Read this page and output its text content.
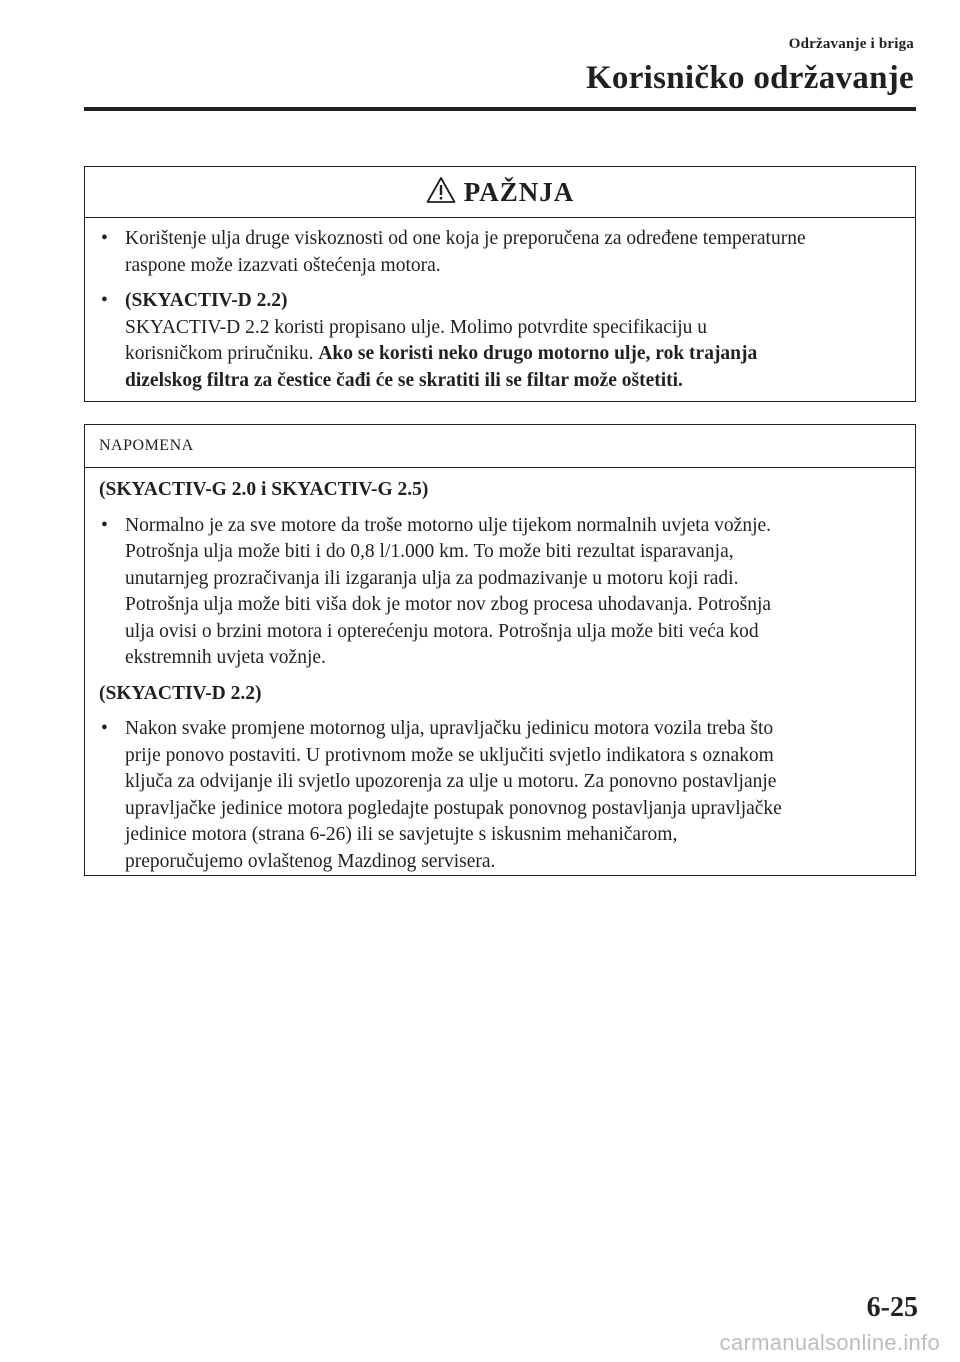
Održavanje i briga
Korisničko održavanje
PAŽNJA
• Korištenje ulja druge viskoznosti od one koja je preporučena za određene temperaturne
raspone može izazvati oštećenja motora.
• (SKYACTIV-D 2.2)
SKYACTIV-D 2.2 koristi propisano ulje. Molimo potvrdite specifikaciju u
korisničkom priručniku. Ako se koristi neko drugo motorno ulje, rok trajanja
dizelskog filtra za čestice čađi će se skratiti ili se filtar može oštetiti.
NAPOMENA
(SKYACTIV-G 2.0 i SKYACTIV-G 2.5)
• Normalno je za sve motore da troše motorno ulje tijekom normalnih uvjeta vožnje.
Potrošnja ulja može biti i do 0,8 l/1.000 km. To može biti rezultat isparavanja,
unutarnjeg prozračivanja ili izgaranja ulja za podmazivanje u motoru koji radi.
Potrošnja ulja može biti viša dok je motor nov zbog procesa uhodavanja. Potrošnja
ulja ovisi o brzini motora i opterećenju motora. Potrošnja ulja može biti veća kod
ekstremnih uvjeta vožnje.
(SKYACTIV-D 2.2)
• Nakon svake promjene motornog ulja, upravljačku jedinicu motora vozila treba što
prije ponovo postaviti. U protivnom može se uključiti svjetlo indikatora s oznakom
ključa za odvijanje ili svjetlo upozorenja za ulje u motoru. Za ponovno postavljanje
upravljačke jedinice motora pogledajte postupak ponovnog postavljanja upravljačke
jedinice motora (strana 6-26) ili se savjetujte s iskusnim mehaničarom,
preporučujemo ovlaštenog Mazdinog servisera.
6-25
carmanualsonline.info
